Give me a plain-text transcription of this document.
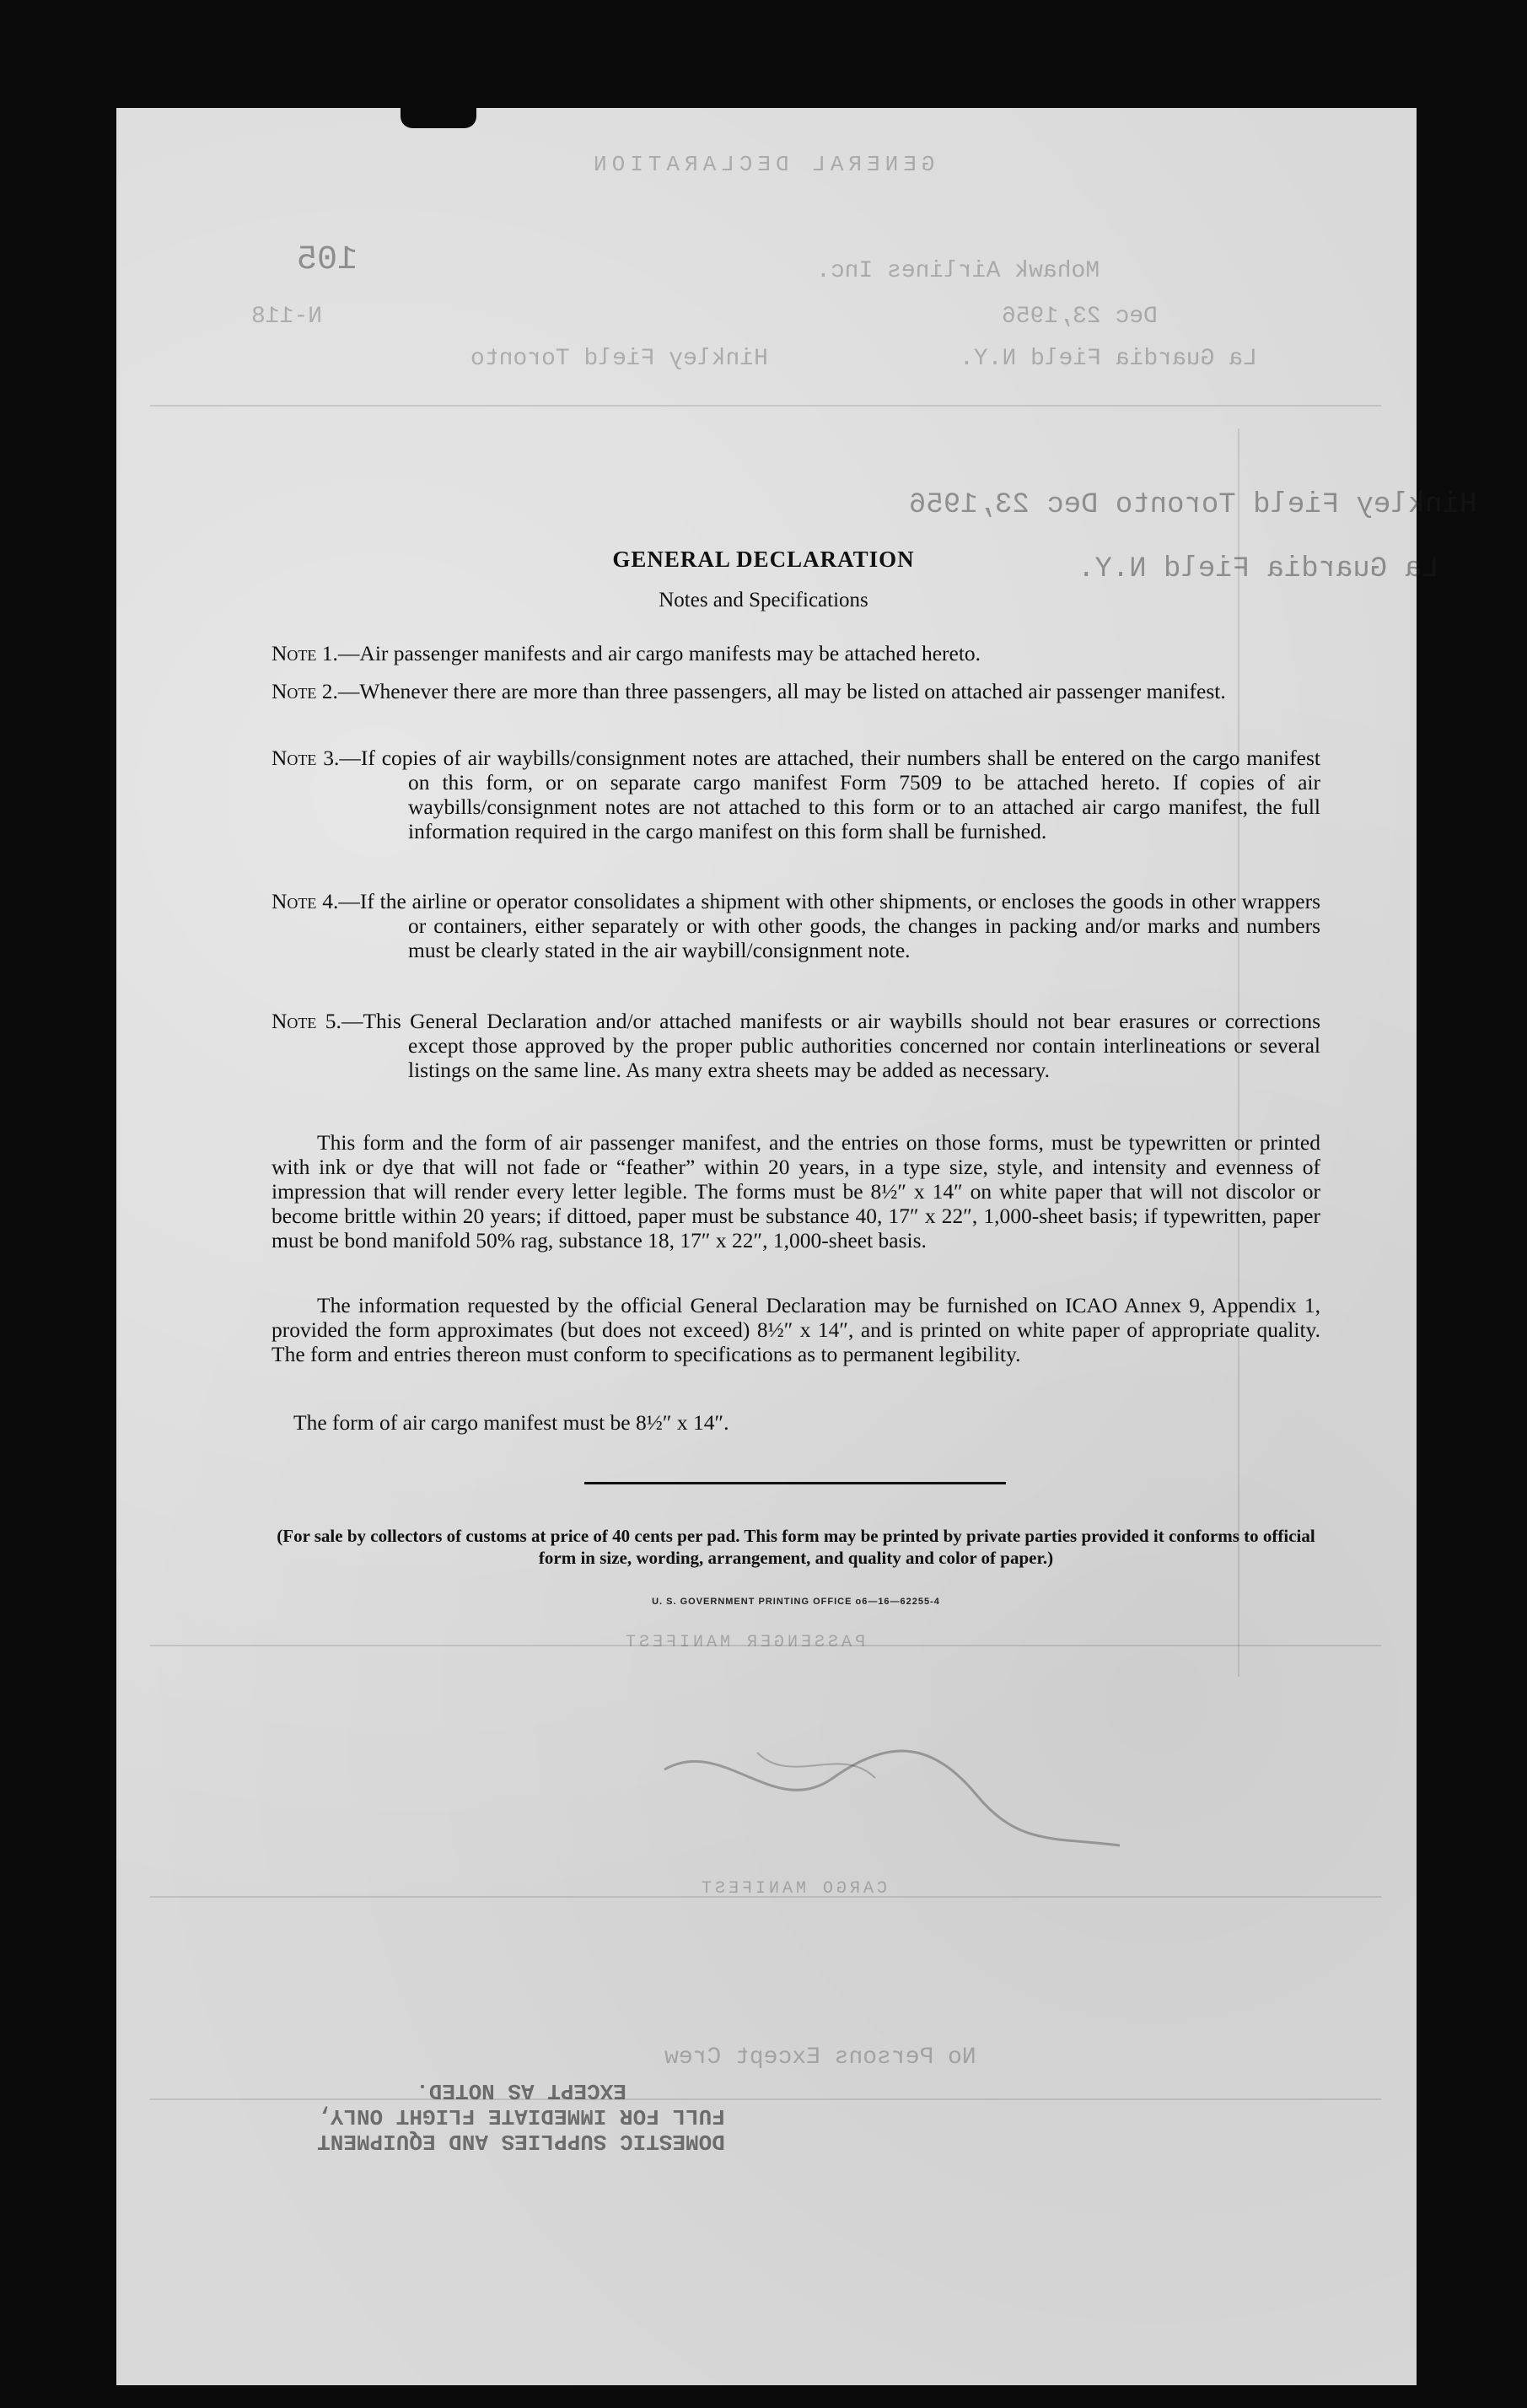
GENERAL DECLARATION
105	Mohawk Airlines Inc.
N-118	Dec 23,1956
Hinkley Field Toronto	La Guardia Field N.Y.
Hinkley Field Toronto Dec 23,1956
La Guardia Field N.Y.
PASSENGER MANIFEST
CARGO MANIFEST
No Persons Except Crew
DOMESTIC SUPPLIES AND EQUIPMENT
FULL FOR IMMEDIATE FLIGHT ONLY,
EXCEPT AS NOTED.
GENERAL DECLARATION
Notes and Specifications
Note 1.—Air passenger manifests and air cargo manifests may be attached hereto.
Note 2.—Whenever there are more than three passengers, all may be listed on attached air passenger manifest.
Note 3.—If copies of air waybills/consignment notes are attached, their numbers shall be entered on the cargo manifest on this form, or on separate cargo manifest Form 7509 to be attached hereto. If copies of air waybills/consignment notes are not attached to this form or to an attached air cargo manifest, the full information required in the cargo manifest on this form shall be furnished.
Note 4.—If the airline or operator consolidates a shipment with other shipments, or encloses the goods in other wrappers or containers, either separately or with other goods, the changes in packing and/or marks and numbers must be clearly stated in the air waybill/consignment note.
Note 5.—This General Declaration and/or attached manifests or air waybills should not bear erasures or corrections except those approved by the proper public authorities concerned nor contain interlineations or several listings on the same line. As many extra sheets may be added as necessary.
This form and the form of air passenger manifest, and the entries on those forms, must be typewritten or printed with ink or dye that will not fade or “feather” within 20 years, in a type size, style, and intensity and evenness of impression that will render every letter legible. The forms must be 8½″ x 14″ on white paper that will not discolor or become brittle within 20 years; if dittoed, paper must be substance 40, 17″ x 22″, 1,000-sheet basis; if typewritten, paper must be bond manifold 50% rag, substance 18, 17″ x 22″, 1,000-sheet basis.
The information requested by the official General Declaration may be furnished on ICAO Annex 9, Appendix 1, provided the form approximates (but does not exceed) 8½″ x 14″, and is printed on white paper of appropriate quality. The form and entries thereon must conform to specifications as to permanent legibility.
The form of air cargo manifest must be 8½″ x 14″.
(For sale by collectors of customs at price of 40 cents per pad. This form may be printed by private parties provided it conforms to official form in size, wording, arrangement, and quality and color of paper.)
U. S. GOVERNMENT PRINTING OFFICE o6—16—62255-4
